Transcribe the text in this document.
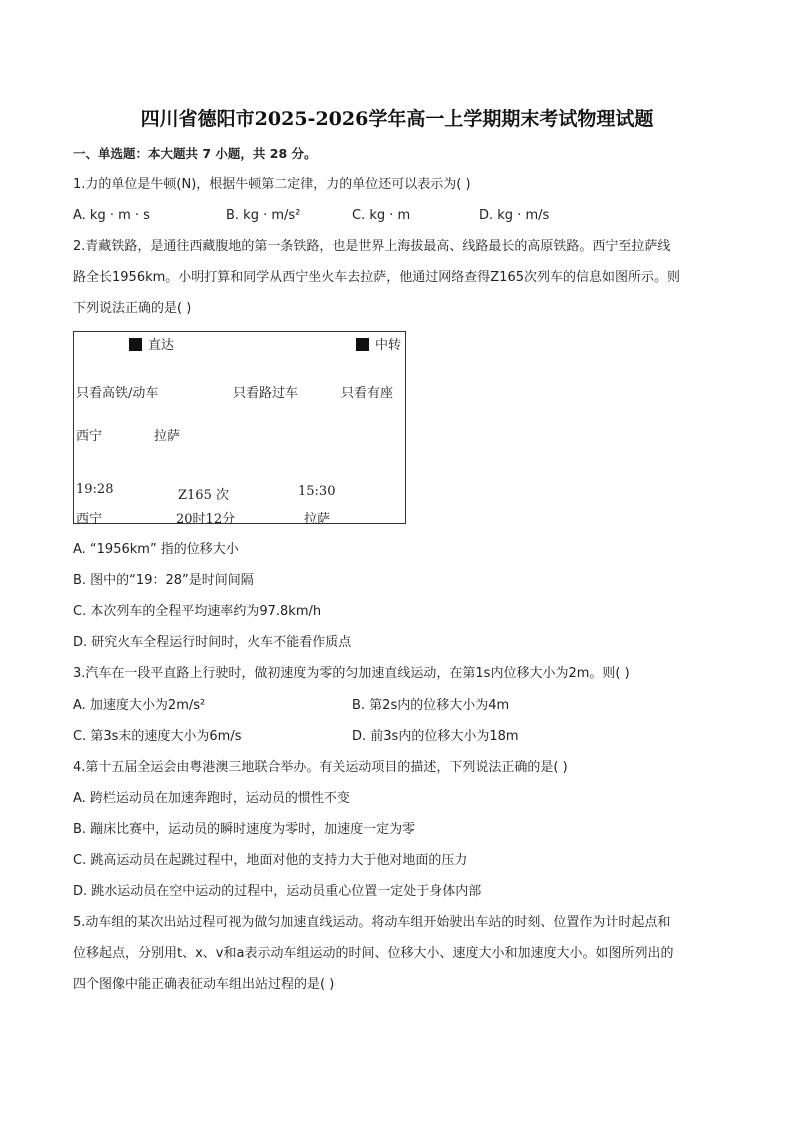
四川省德阳市2025-2026学年高一上学期期末考试物理试题
一、单选题：本大题共 7 小题，共 28 分。
1.力的单位是牛顿(N)，根据牛顿第二定律，力的单位还可以表示为( )
A. kg · m · s	B. kg · m/s²	C. kg · m	D. kg · m/s
2.青藏铁路，是通往西藏腹地的第一条铁路，也是世界上海拔最高、线路最长的高原铁路。西宁至拉萨线
路全长1956km。小明打算和同学从西宁坐火车去拉萨，他通过网络查得Z165次列车的信息如图所示。则
下列说法正确的是( )
直达	中转
只看高铁/动车	只看路过车	只看有座
西宁	拉萨
19:28	Z165 次	15:30
西宁	20时12分	拉萨
A. “1956km” 指的位移大小
B. 图中的“19：28”是时间间隔
C. 本次列车的全程平均速率约为97.8km/h
D. 研究火车全程运行时间时，火车不能看作质点
3.汽车在一段平直路上行驶时，做初速度为零的匀加速直线运动，在第1s内位移大小为2m。则( )
A. 加速度大小为2m/s²	B. 第2s内的位移大小为4m
C. 第3s末的速度大小为6m/s	D. 前3s内的位移大小为18m
4.第十五届全运会由粤港澳三地联合举办。有关运动项目的描述，下列说法正确的是( )
A. 跨栏运动员在加速奔跑时，运动员的惯性不变
B. 蹦床比赛中，运动员的瞬时速度为零时，加速度一定为零
C. 跳高运动员在起跳过程中，地面对他的支持力大于他对地面的压力
D. 跳水运动员在空中运动的过程中，运动员重心位置一定处于身体内部
5.动车组的某次出站过程可视为做匀加速直线运动。将动车组开始驶出车站的时刻、位置作为计时起点和
位移起点，分别用t、x、v和a表示动车组运动的时间、位移大小、速度大小和加速度大小。如图所列出的
四个图像中能正确表征动车组出站过程的是( )
